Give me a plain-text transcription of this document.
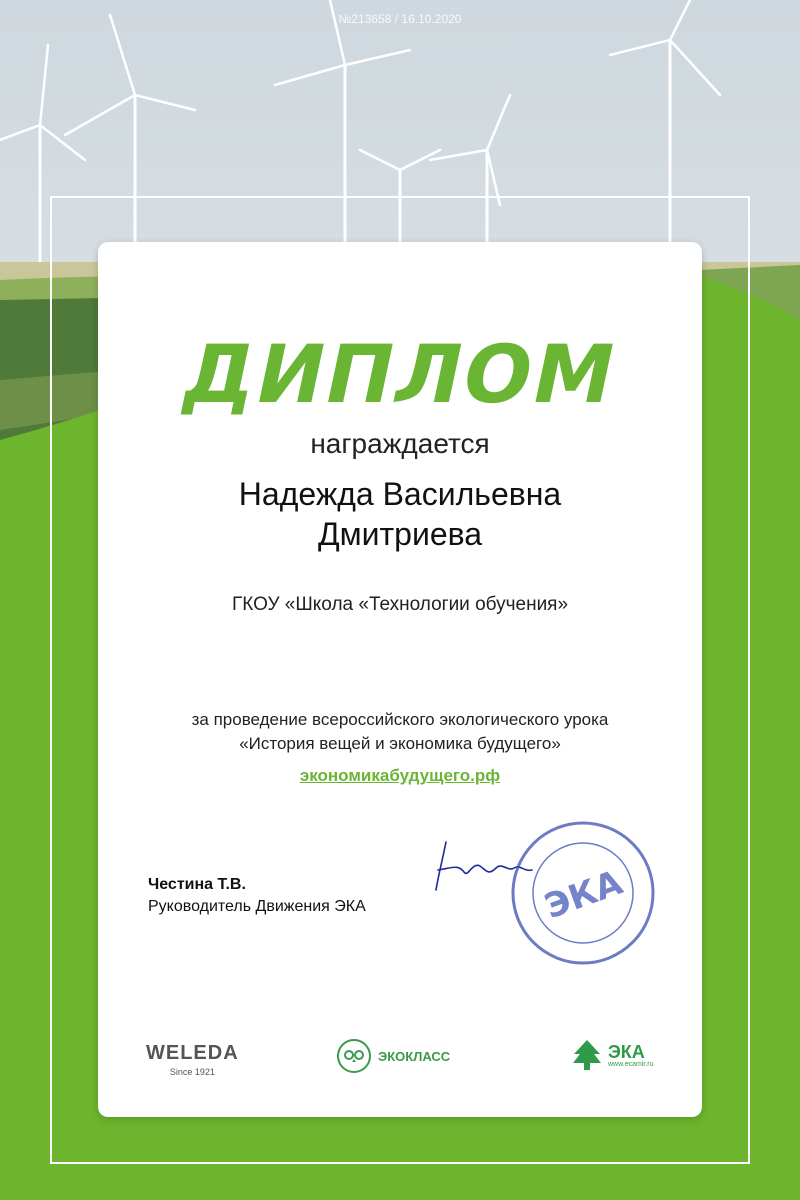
№213658 / 16.10.2020
ДИПЛОМ
награждается
Надежда Васильевна
Дмитриева
ГКОУ «Школа «Технологии обучения»
за проведение всероссийского экологического урока
«История вещей и экономика будущего»
экономикабудущего.рф
Честина Т.В.
Руководитель Движения ЭКА	ЭКА
WELEDA
Since 1921
ЭКОКЛАСС	ЭКА
www.ecamir.ru
